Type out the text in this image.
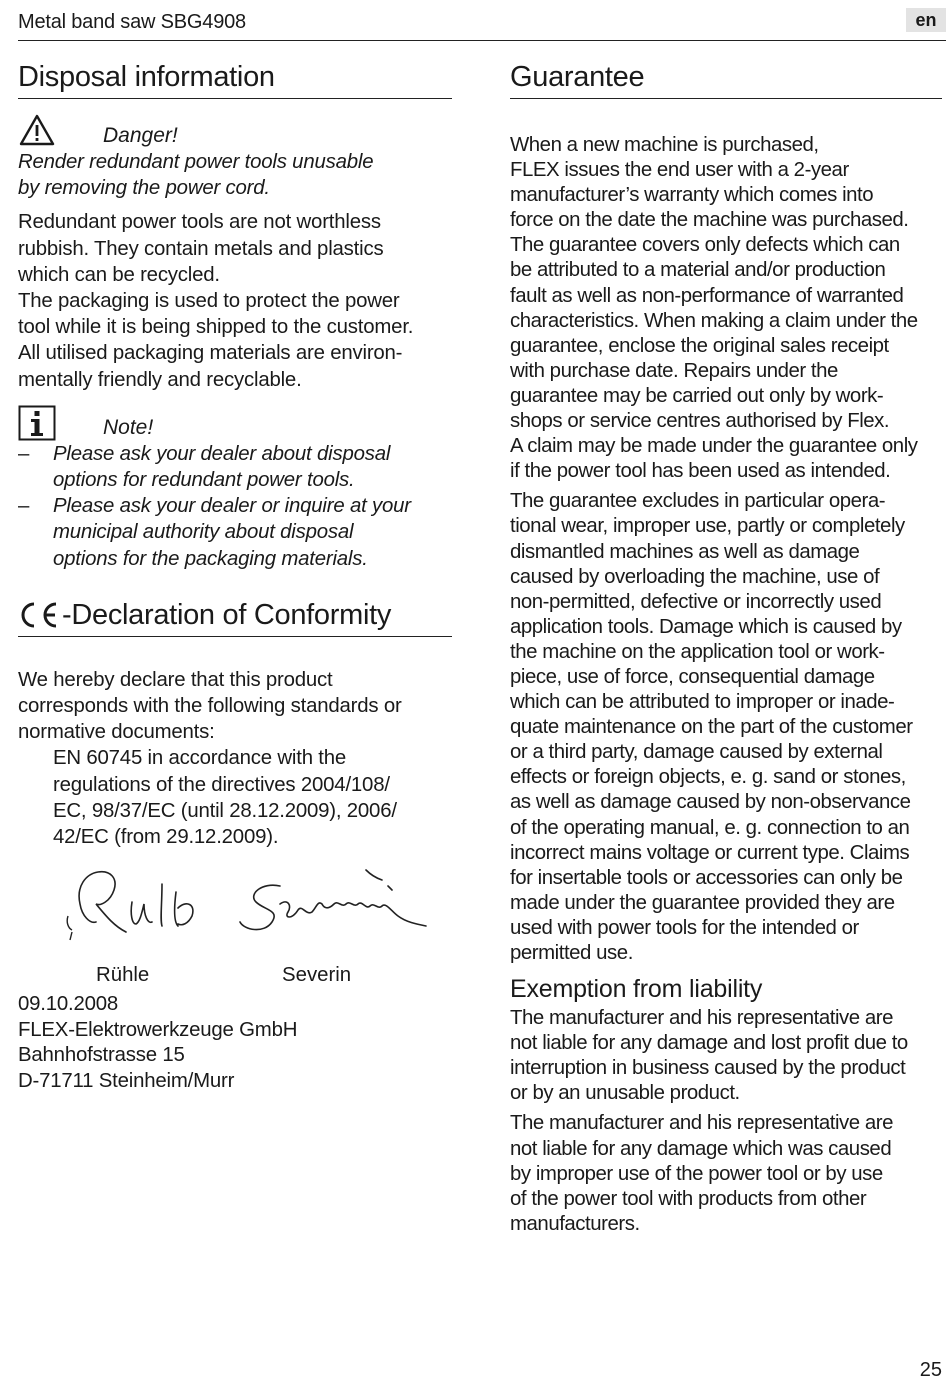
Metal band saw SBG4908	en
Disposal information
Danger!
Render redundant power tools unusable
by removing the power cord.
Redundant power tools are not worthless
rubbish. They contain metals and plastics
which can be recycled.
The packaging is used to protect the power
tool while it is being shipped to the customer.
All utilised packaging materials are environ-
mentally friendly and recyclable.
Note!
– Please ask your dealer about disposal
options for redundant power tools.
– Please ask your dealer or inquire at your
municipal authority about disposal
options for the packaging materials.
-Declaration of Conformity
We hereby declare that this product
corresponds with the following standards or
normative documents:
EN 60745 in accordance with the
regulations of the directives 2004/108/
EC, 98/37/EC (until 28.12.2009), 2006/
42/EC (from 29.12.2009).
Rühle	Severin
09.10.2008
FLEX-Elektrowerkzeuge GmbH
Bahnhofstrasse 15
D-71711 Steinheim/Murr
Guarantee
When a new machine is purchased,
FLEX issues the end user with a 2-year
manufacturer’s warranty which comes into
force on the date the machine was purchased.
The guarantee covers only defects which can
be attributed to a material and/or production
fault as well as non-performance of warranted
characteristics. When making a claim under the
guarantee, enclose the original sales receipt
with purchase date. Repairs under the
guarantee may be carried out only by work-
shops or service centres authorised by Flex.
A claim may be made under the guarantee only
if the power tool has been used as intended.
The guarantee excludes in particular opera-
tional wear, improper use, partly or completely
dismantled machines as well as damage
caused by overloading the machine, use of
non-permitted, defective or incorrectly used
application tools. Damage which is caused by
the machine on the application tool or work-
piece, use of force, consequential damage
which can be attributed to improper or inade-
quate maintenance on the part of the customer
or a third party, damage caused by external
effects or foreign objects, e. g. sand or stones,
as well as damage caused by non-observance
of the operating manual, e. g. connection to an
incorrect mains voltage or current type. Claims
for insertable tools or accessories can only be
made under the guarantee provided they are
used with power tools for the intended or
permitted use.
Exemption from liability
The manufacturer and his representative are
not liable for any damage and lost profit due to
interruption in business caused by the product
or by an unusable product.
The manufacturer and his representative are
not liable for any damage which was caused
by improper use of the power tool or by use
of the power tool with products from other
manufacturers.
25
